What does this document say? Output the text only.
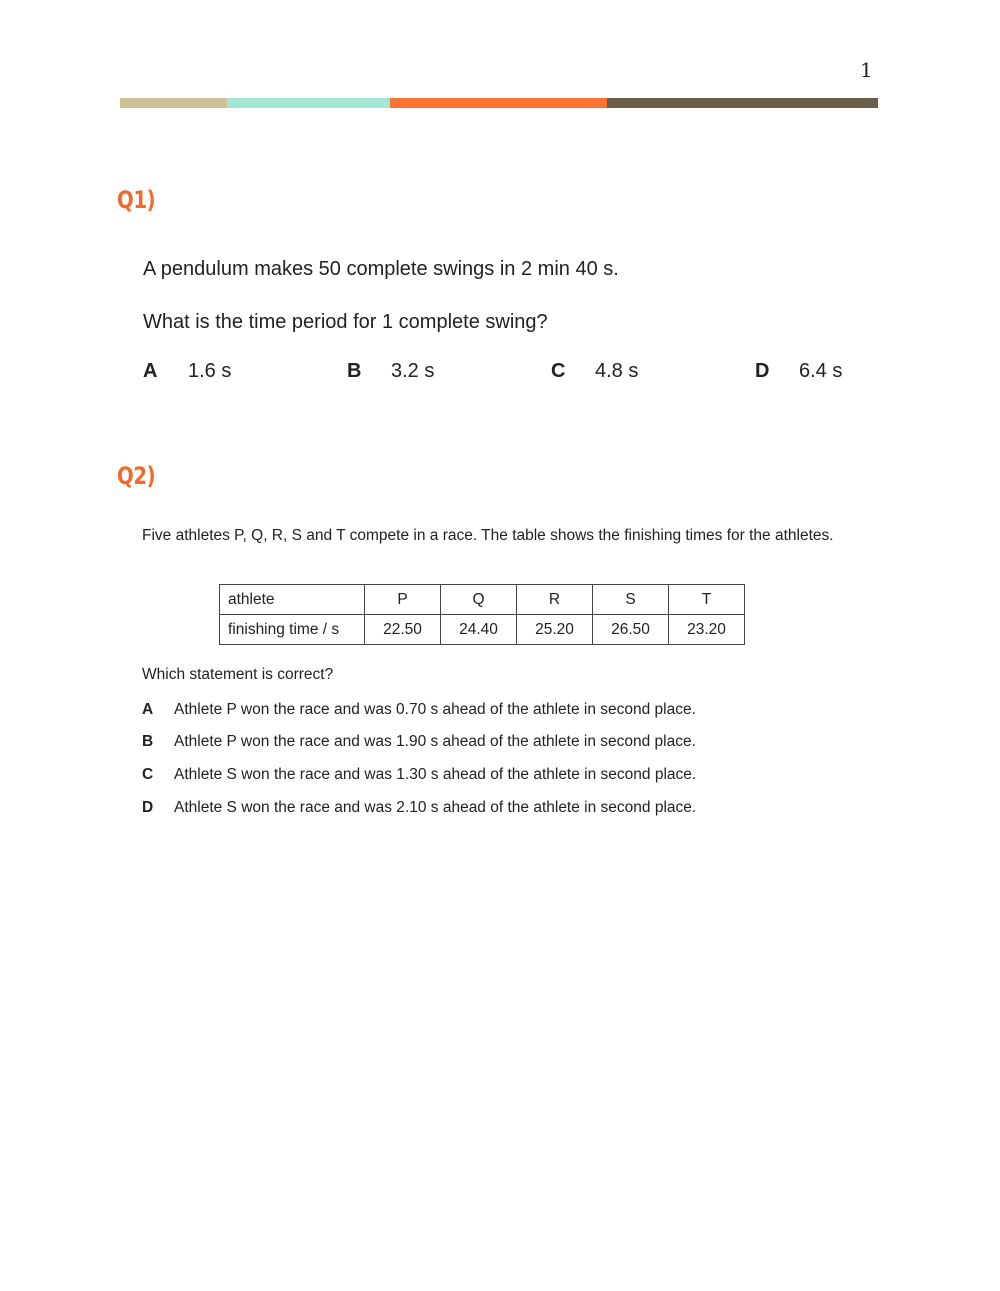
1
Q1)
A pendulum makes 50 complete swings in 2 min 40 s.
What is the time period for 1 complete swing?
A 1.6 s	B 3.2 s	C 4.8 s	D 6.4 s
Q2)
Five athletes P, Q, R, S and T compete in a race. The table shows the finishing times for the athletes.
athlete	P	Q	R	S	T
finishing time / s	22.50	24.40	25.20	26.50	23.20
Which statement is correct?
A Athlete P won the race and was 0.70 s ahead of the athlete in second place.
B Athlete P won the race and was 1.90 s ahead of the athlete in second place.
C Athlete S won the race and was 1.30 s ahead of the athlete in second place.
D Athlete S won the race and was 2.10 s ahead of the athlete in second place.
